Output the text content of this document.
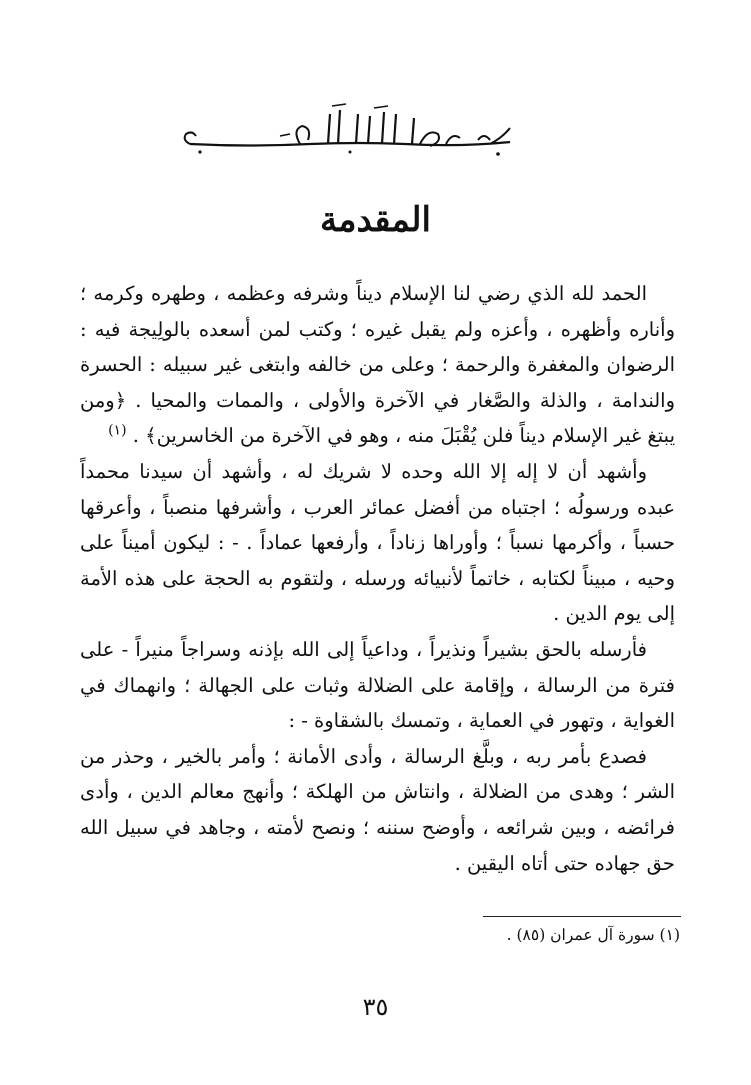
المقدمة

الحمد لله الذي رضي لنا الإسلام ديناً وشرفه وعظمه ، وطهره وكرمه ؛ وأناره وأظهره ، وأعزه ولم يقبل غيره ؛ وكتب لمن أسعده بالولِيجة فيه : الرضوان والمغفرة والرحمة ؛ وعلى من خالفه وابتغى غير سبيله : الحسرة والندامة ، والذلة والصَّغار في الآخرة والأولى ، والممات والمحيا . ﴿ومن يبتغ غير الإسلام ديناً فلن يُقْبَلَ منه ، وهو في الآخرة من الخاسرين﴾ . $^{(١)}$

وأشهد أن لا إله إلا الله وحده لا شريك له ، وأشهد أن سيدنا محمداً عبده ورسولُه ؛ اجتباه من أفضل عمائر العرب ، وأشرفها منصباً ، وأعرقها حسباً ، وأكرمها نسباً ؛ وأوراها زناداً ، وأرفعها عماداً . - : ليكون أميناً على وحيه ، مبيناً لكتابه ، خاتماً لأنبيائه ورسله ، ولتقوم به الحجة على هذه الأمة إلى يوم الدين .

فأرسله بالحق بشيراً ونذيراً ، وداعياً إلى الله بإذنه وسراجاً منيراً - على فترة من الرسالة ، وإقامة على الضلالة وثبات على الجهالة ؛ وانهماك في الغواية ، وتهور في العماية ، وتمسك بالشقاوة - :

فصدع بأمر ربه ، وبلَّغ الرسالة ، وأدى الأمانة ؛ وأمر بالخير ، وحذر من الشر ؛ وهدى من الضلالة ، وانتاش من الهلكة ؛ وأنهج معالم الدين ، وأدى فرائضه ، وبين شرائعه ، وأوضح سننه ؛ ونصح لأمته ، وجاهد في سبيل الله حق جهاده حتى أتاه اليقين .

(١) سورة آل عمران (٨٥) .
٣٥
